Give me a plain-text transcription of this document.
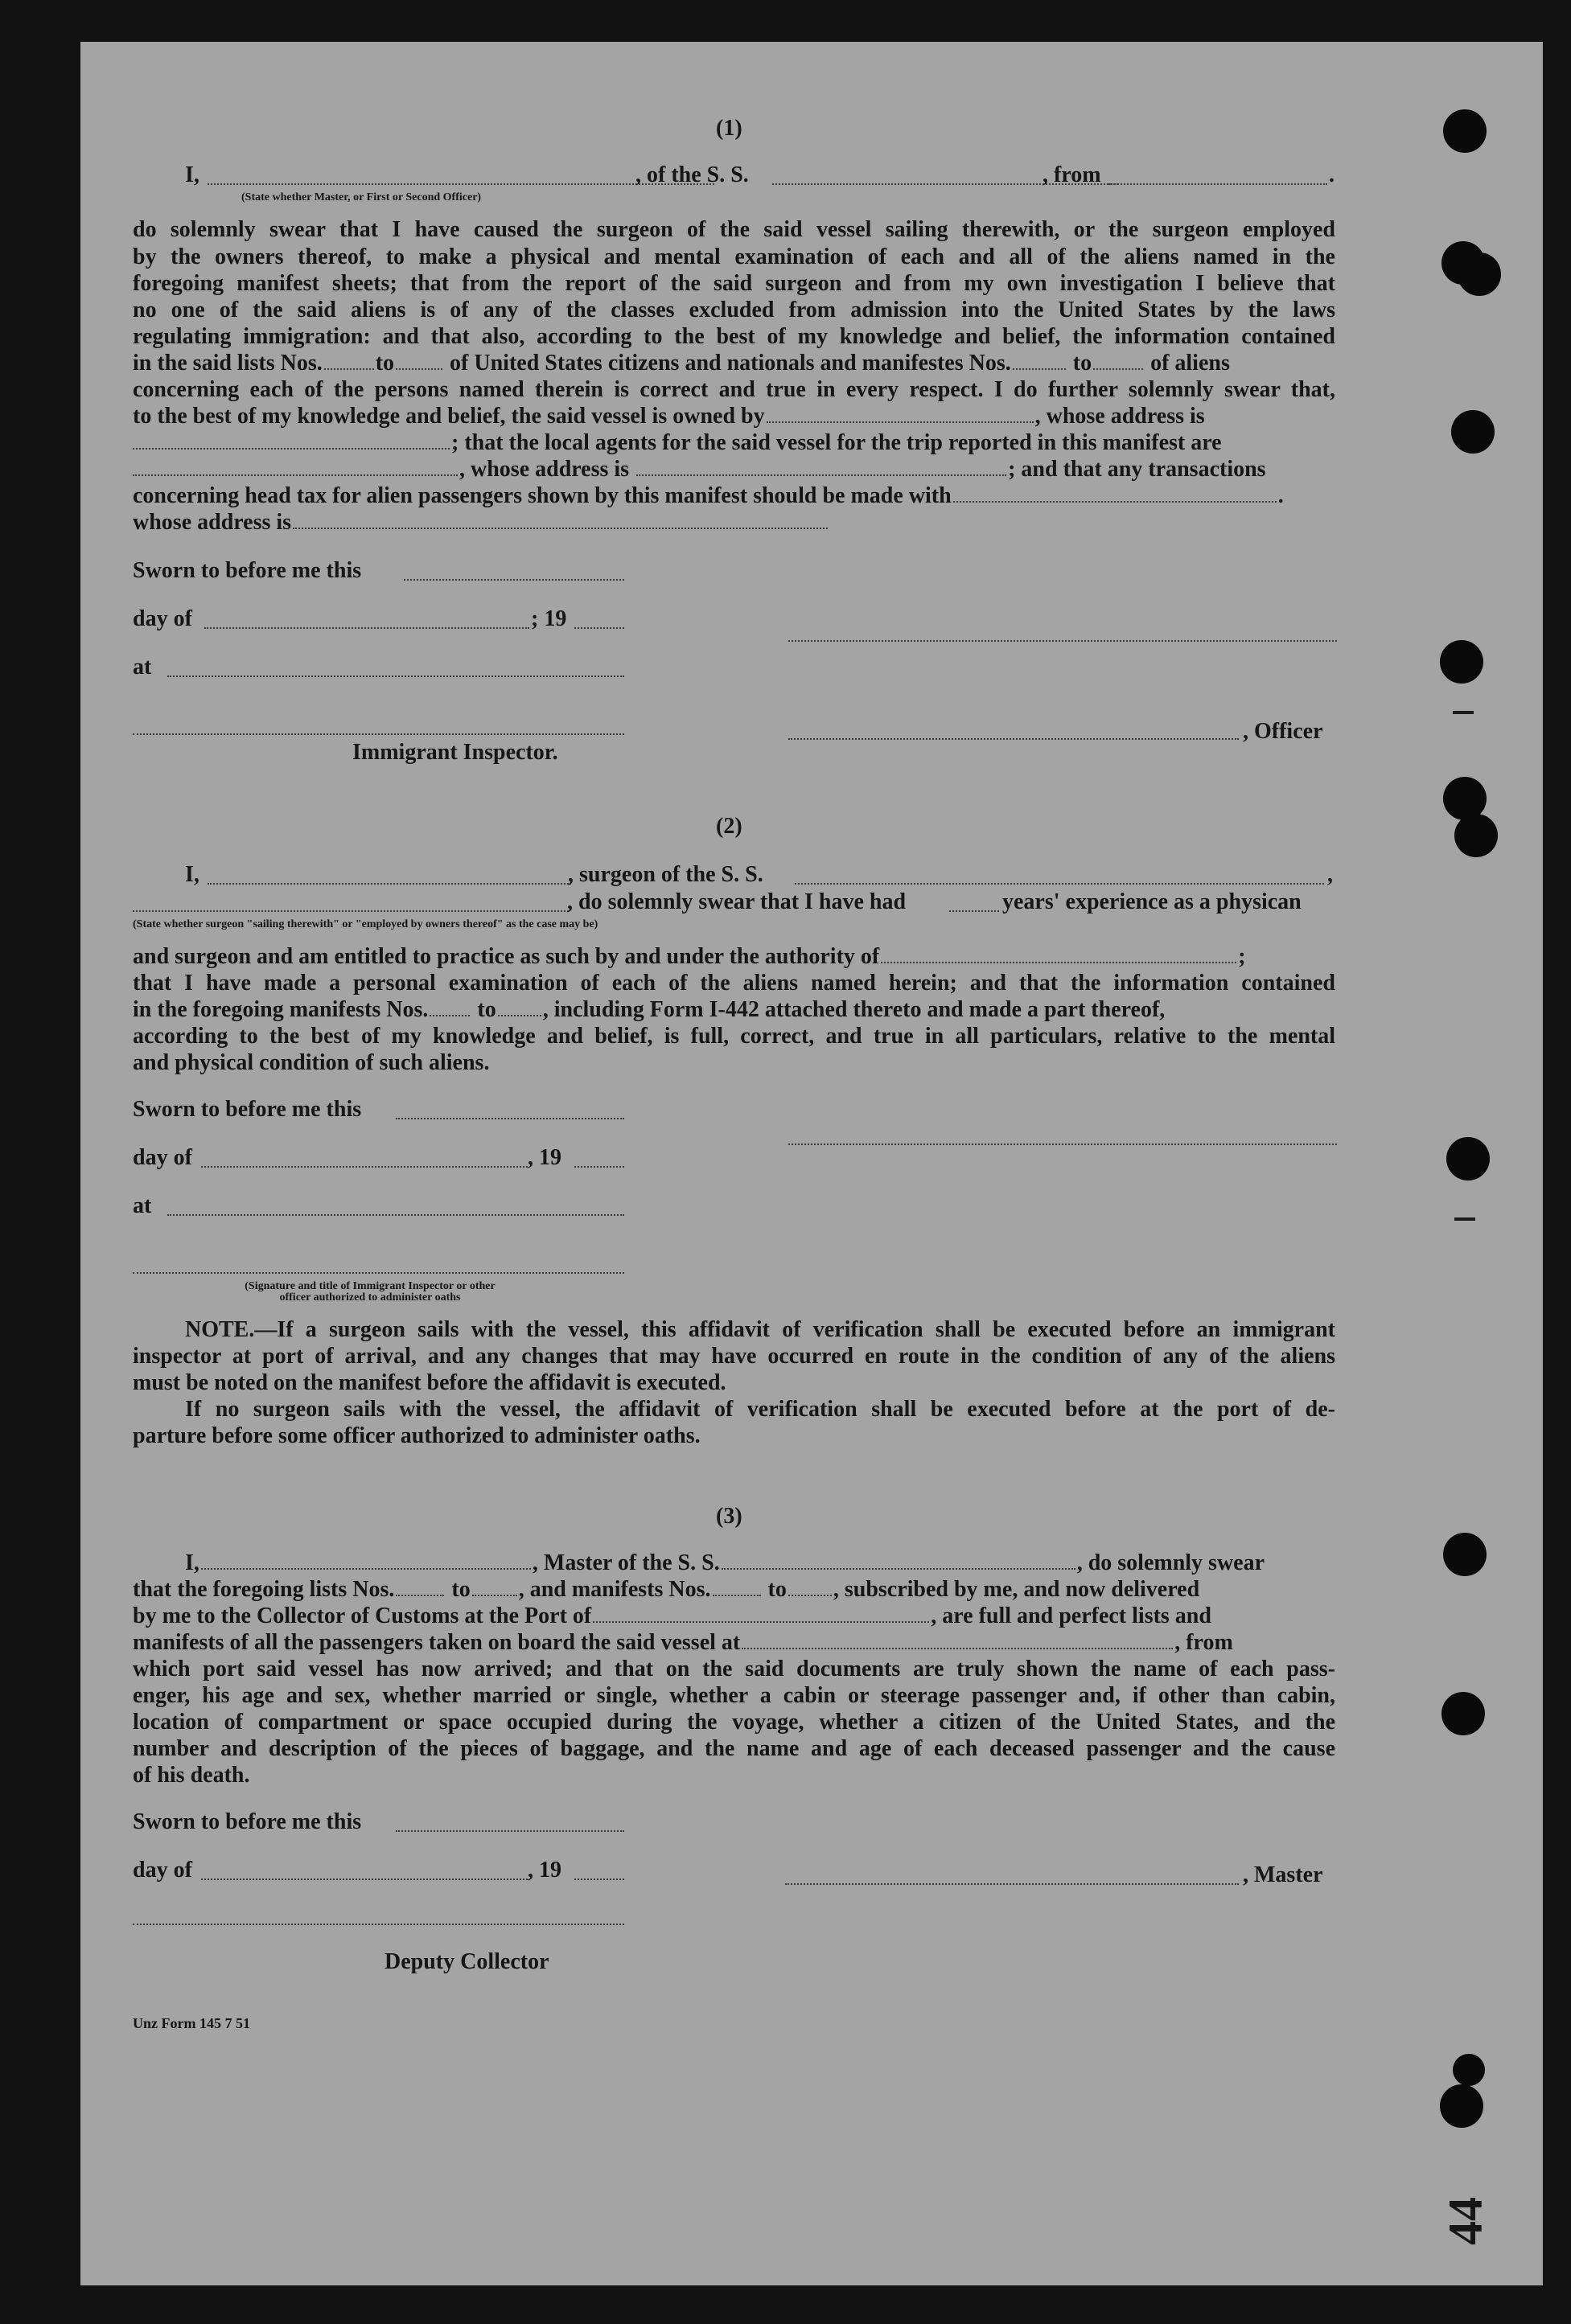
(1)
I,	, of the S. S.	, from	.
(State whether Master, or First or Second Officer)
do solemnly swear that I have caused the surgeon of the said vessel sailing therewith, or the surgeon employed
by the owners thereof, to make a physical and mental examination of each and all of the aliens named in the
foregoing manifest sheets; that from the report of the said surgeon and from my own investigation I believe that
no one of the said aliens is of any of the classes excluded from admission into the United States by the laws
regulating immigration: and that also, according to the best of my knowledge and belief, the information contained
in the said lists Nos. to of United States citizens and nationals and manifestes Nos.	to	of aliens
concerning each of the persons named therein is correct and true in every respect. I do further solemnly swear that,
to the best of my knowledge and belief, the said vessel is owned by	, whose address is
; that the local agents for the said vessel for the trip reported in this manifest are
, whose address is	; and that any transactions
concerning head tax for alien passengers shown by this manifest should be made with	.
whose address is
Sworn to before me this
day of	; 19
at
, Officer
Immigrant Inspector.
(2)
I,	, surgeon of the S. S.	,
, do solemnly swear that I have had	years' experience as a physican
(State whether surgeon "sailing therewith" or "employed by owners thereof" as the case may be)
and surgeon and am entitled to practice as such by and under the authority of	;
that I have made a personal examination of each of the aliens named herein; and that the information contained
in the foregoing manifests Nos. to , including Form I-442 attached thereto and made a part thereof,
according to the best of my knowledge and belief, is full, correct, and true in all particulars, relative to the mental
and physical condition of such aliens.
Sworn to before me this
day of	, 19
at
(Signature and title of Immigrant Inspector or other
officer authorized to administer oaths
NOTE.—If a surgeon sails with the vessel, this affidavit of verification shall be executed before an immigrant
inspector at port of arrival, and any changes that may have occurred en route in the condition of any of the aliens
must be noted on the manifest before the affidavit is executed.
If no surgeon sails with the vessel, the affidavit of verification shall be executed before at the port of de-
parture before some officer authorized to administer oaths.
(3)
I,	, Master of the S. S.	, do solemnly swear
that the foregoing lists Nos.	to , and manifests Nos.	to , subscribed by me, and now delivered
by me to the Collector of Customs at the Port of	, are full and perfect lists and
manifests of all the passengers taken on board the said vessel at	, from
which port said vessel has now arrived; and that on the said documents are truly shown the name of each pass-
enger, his age and sex, whether married or single, whether a cabin or steerage passenger and, if other than cabin,
location of compartment or space occupied during the voyage, whether a citizen of the United States, and the
number and description of the pieces of baggage, and the name and age of each deceased passenger and the cause
of his death.
Sworn to before me this
day of	, 19	, Master
Deputy Collector
Unz Form 145 7 51
44
